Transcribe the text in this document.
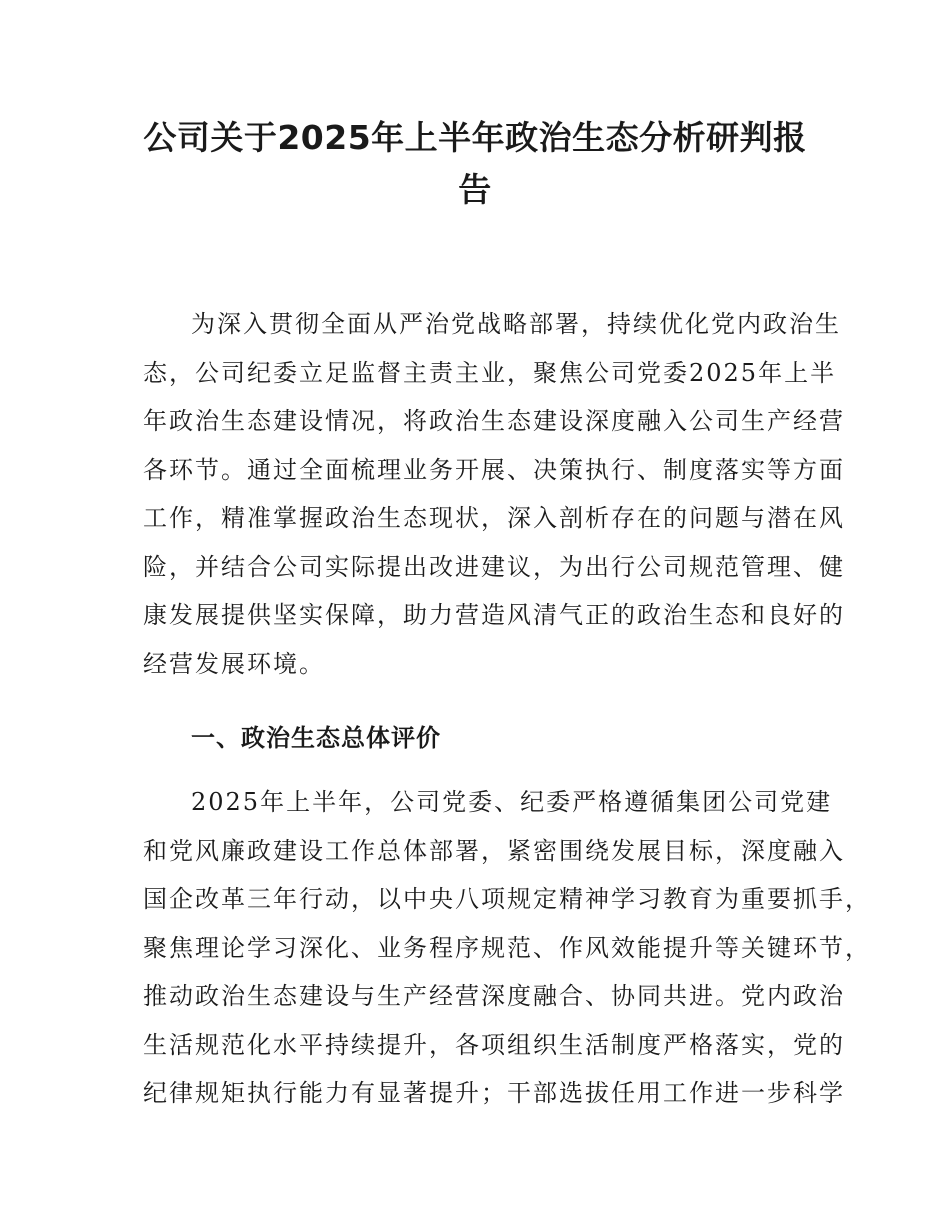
公司关于2025年上半年政治生态分析研判报
告

为深入贯彻全面从严治党战略部署，持续优化党内政治生
态，公司纪委立足监督主责主业，聚焦公司党委2025年上半
年政治生态建设情况，将政治生态建设深度融入公司生产经营
各环节。通过全面梳理业务开展、决策执行、制度落实等方面
工作，精准掌握政治生态现状，深入剖析存在的问题与潜在风
险，并结合公司实际提出改进建议，为出行公司规范管理、健
康发展提供坚实保障，助力营造风清气正的政治生态和良好的
经营发展环境。

一、政治生态总体评价

2025年上半年，公司党委、纪委严格遵循集团公司党建
和党风廉政建设工作总体部署，紧密围绕发展目标，深度融入
国企改革三年行动，以中央八项规定精神学习教育为重要抓手，
聚焦理论学习深化、业务程序规范、作风效能提升等关键环节，
推动政治生态建设与生产经营深度融合、协同共进。党内政治
生活规范化水平持续提升，各项组织生活制度严格落实，党的
纪律规矩执行能力有显著提升；干部选拔任用工作进一步科学
